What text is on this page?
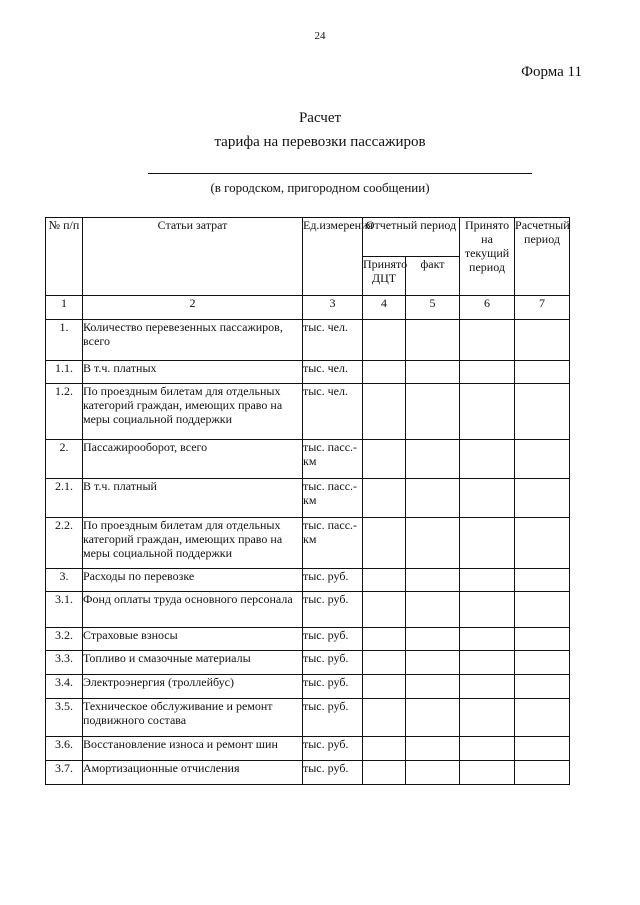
24
Форма 11
Расчет
тарифа на перевозки пассажиров
(в городском, пригородном сообщении)
№ п/п	Статьи затрат	Ед.измерения	Отчетный период		Принято на текущий период	Расчетный период
			Принято ДЦТ	факт		
1	2	3	4	5	6	7
1.	Количество перевезенных пассажиров, всего	тыс. чел.				
1.1.	В т.ч. платных	тыс. чел.				
1.2.	По проездным билетам для отдельных категорий граждан, имеющих право на меры социальной поддержки	тыс. чел.				
2.	Пассажирооборот, всего	тыс. пасс.-км				
2.1.	В т.ч. платный	тыс. пасс.-км				
2.2.	По проездным билетам для отдельных категорий граждан, имеющих право на меры социальной поддержки	тыс. пасс.-км				
3.	Расходы по перевозке	тыс. руб.				
3.1.	Фонд оплаты труда основного персонала	тыс. руб.				
3.2.	Страховые взносы	тыс. руб.				
3.3.	Топливо и смазочные материалы	тыс. руб.				
3.4.	Электроэнергия (троллейбус)	тыс. руб.				
3.5.	Техническое обслуживание и ремонт подвижного состава	тыс. руб.				
3.6.	Восстановление износа и ремонт шин	тыс. руб.				
3.7.	Амортизационные отчисления	тыс. руб.				
